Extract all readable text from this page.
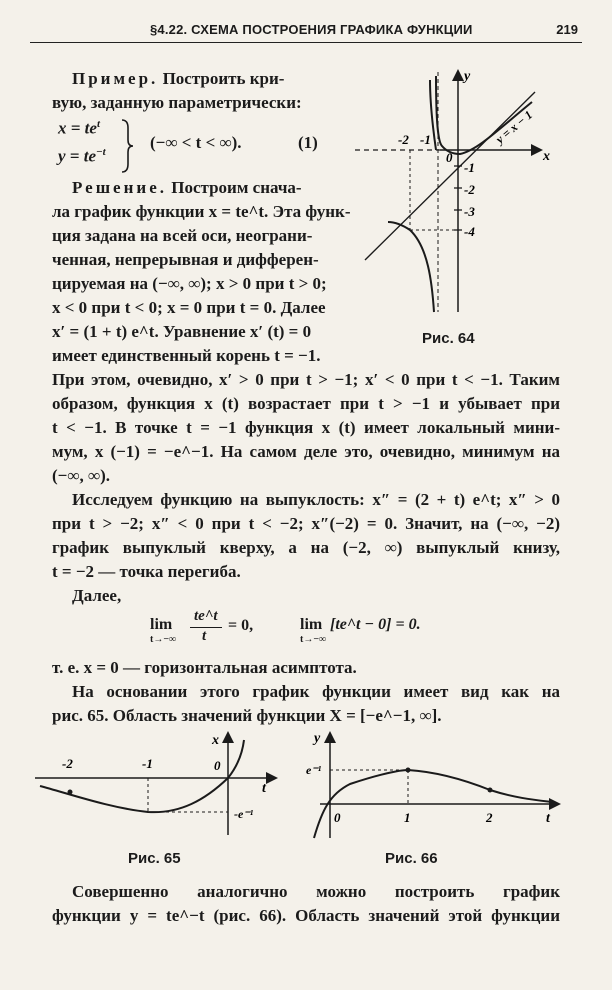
§4.22. СХЕМА ПОСТРОЕНИЯ ГРАФИКА ФУНКЦИИ	219
Пример. Построить кри-
вую, заданную параметрически:
$x = te^t$
$y = te^{-t}$	(−∞ < t < ∞).	(1)
Решение. Построим снача-
ла график функции x = te^t. Эта функ-
ция задана на всей оси, неограни-
ченная, непрерывная и дифферен-
цируемая на (−∞, ∞); x > 0 при t > 0;
x < 0 при t < 0; x = 0 при t = 0. Далее
x′ = (1 + t) e^t. Уравнение x′ (t) = 0
имеет единственный корень t = −1.
x
y
0
-2 -1
-1
-2
-3
-4
y = x − 1
Рис. 64
При этом, очевидно, x′ > 0 при t > −1; x′ < 0 при t < −1. Таким
образом, функция x (t) возрастает при t > −1 и убывает при
t < −1. В точке t = −1 функция x (t) имеет локальный мини-
мум, x (−1) = −e^−1. На самом деле это, очевидно, минимум на
(−∞, ∞).
Исследуем функцию на выпуклость: x″ = (2 + t) e^t; x″ > 0
при t > −2; x″ < 0 при t < −2; x″(−2) = 0. Значит, на (−∞, −2)
график выпуклый кверху, а на (−2, ∞) выпуклый книзу,
t = −2 — точка перегиба.
Далее,
lim
t→−∞
te^t
t
= 0,	lim
t→−∞
[te^t − 0] = 0.
т. е. x = 0 — горизонтальная асимптота.
На основании этого график функции имеет вид как на
рис. 65. Область значений функции X = [−e^−1, ∞].
-2	-1	0
x
t
-e⁻¹
Рис. 65
y
e⁻¹
0	1	2	t
Рис. 66
Совершенно аналогично можно построить график
функции y = te^−t (рис. 66). Область значений этой функции
